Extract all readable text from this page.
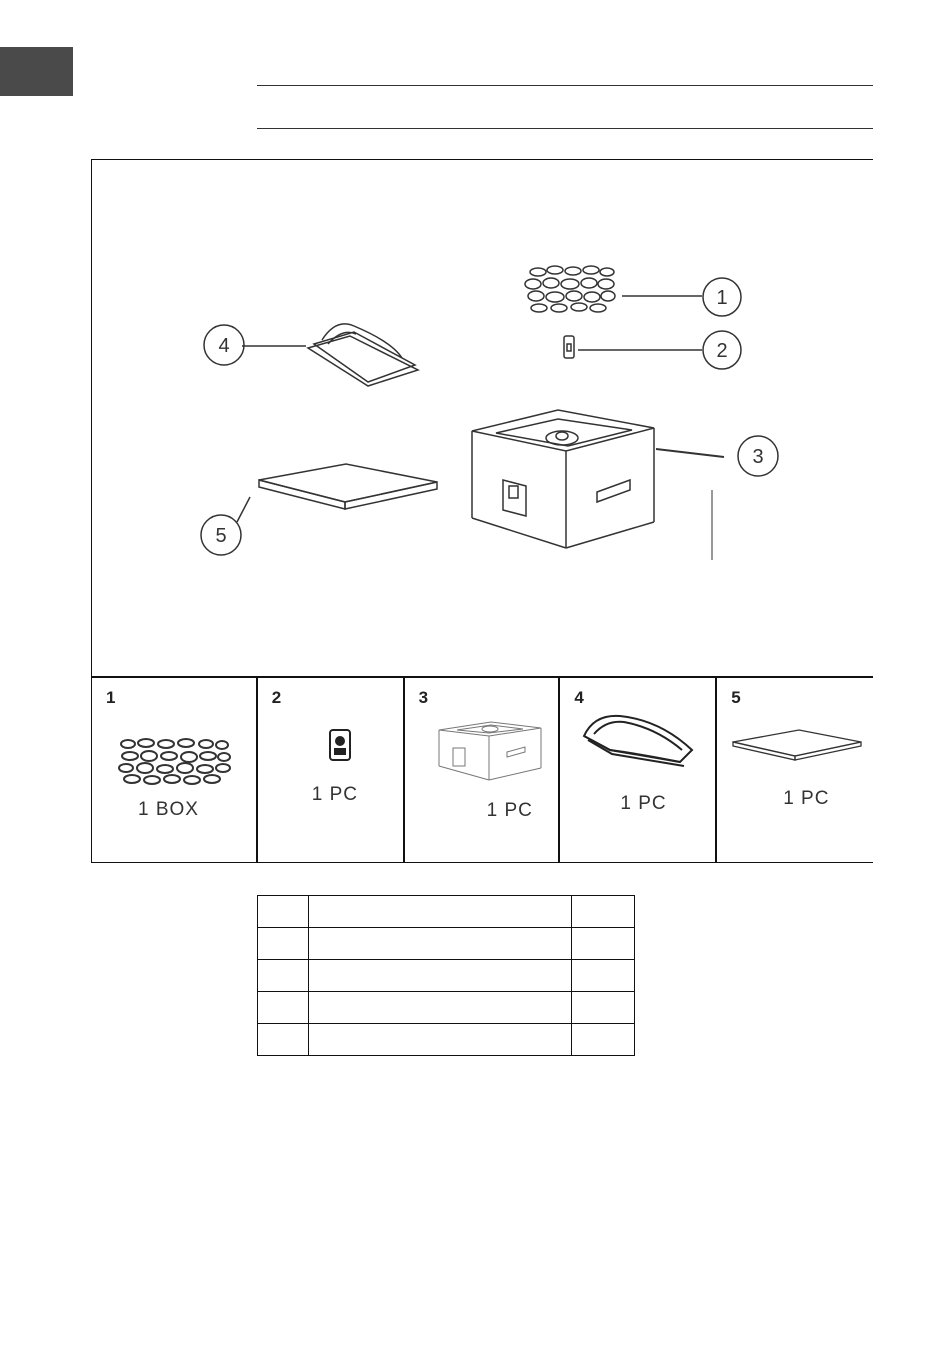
1
2
3
4
5
1
1 BOX
2
1 PC
3
1 PC
4
1 PC
5
1 PC
